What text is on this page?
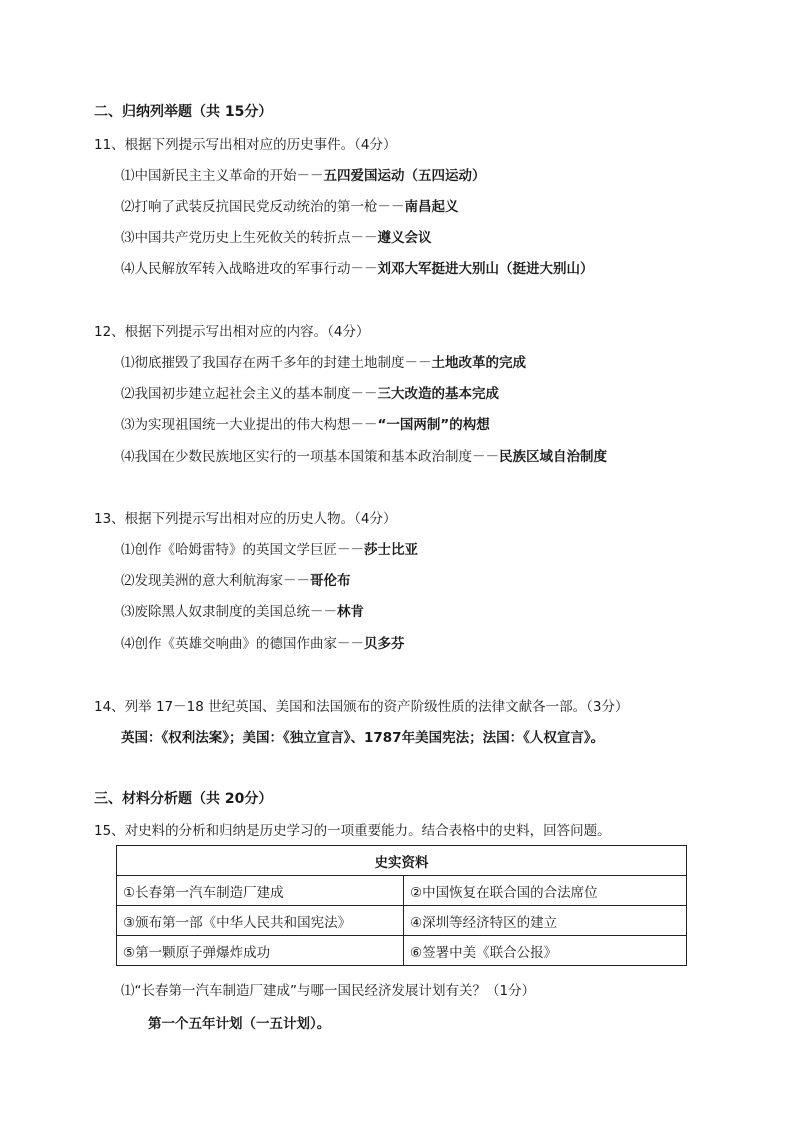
二、归纳列举题（共 15分）
11、根据下列提示写出相对应的历史事件。（4分）
⑴中国新民主主义革命的开始－－五四爱国运动（五四运动）
⑵打响了武装反抗国民党反动统治的第一枪－－南昌起义
⑶中国共产党历史上生死攸关的转折点－－遵义会议
⑷人民解放军转入战略进攻的军事行动－－刘邓大军挺进大别山（挺进大别山）
12、根据下列提示写出相对应的内容。（4分）
⑴彻底摧毁了我国存在两千多年的封建土地制度－－土地改革的完成
⑵我国初步建立起社会主义的基本制度－－三大改造的基本完成
⑶为实现祖国统一大业提出的伟大构想－－“一国两制”的构想
⑷我国在少数民族地区实行的一项基本国策和基本政治制度－－民族区域自治制度
13、根据下列提示写出相对应的历史人物。（4分）
⑴创作《哈姆雷特》的英国文学巨匠－－莎士比亚
⑵发现美洲的意大利航海家－－哥伦布
⑶废除黑人奴隶制度的美国总统－－林肯
⑷创作《英雄交响曲》的德国作曲家－－贝多芬
14、列举 17－18 世纪英国、美国和法国颁布的资产阶级性质的法律文献各一部。（3分）
英国：《权利法案》；美国：《独立宣言》、1787年美国宪法；法国：《人权宣言》。
三、材料分析题（共 20分）
15、对史料的分析和归纳是历史学习的一项重要能力。结合表格中的史料，回答问题。
史实资料	
①长春第一汽车制造厂建成	②中国恢复在联合国的合法席位
③颁布第一部《中华人民共和国宪法》	④深圳等经济特区的建立
⑤第一颗原子弹爆炸成功	⑥签署中美《联合公报》
⑴“长春第一汽车制造厂建成”与哪一国民经济发展计划有关？（1分）
第一个五年计划（一五计划）。
